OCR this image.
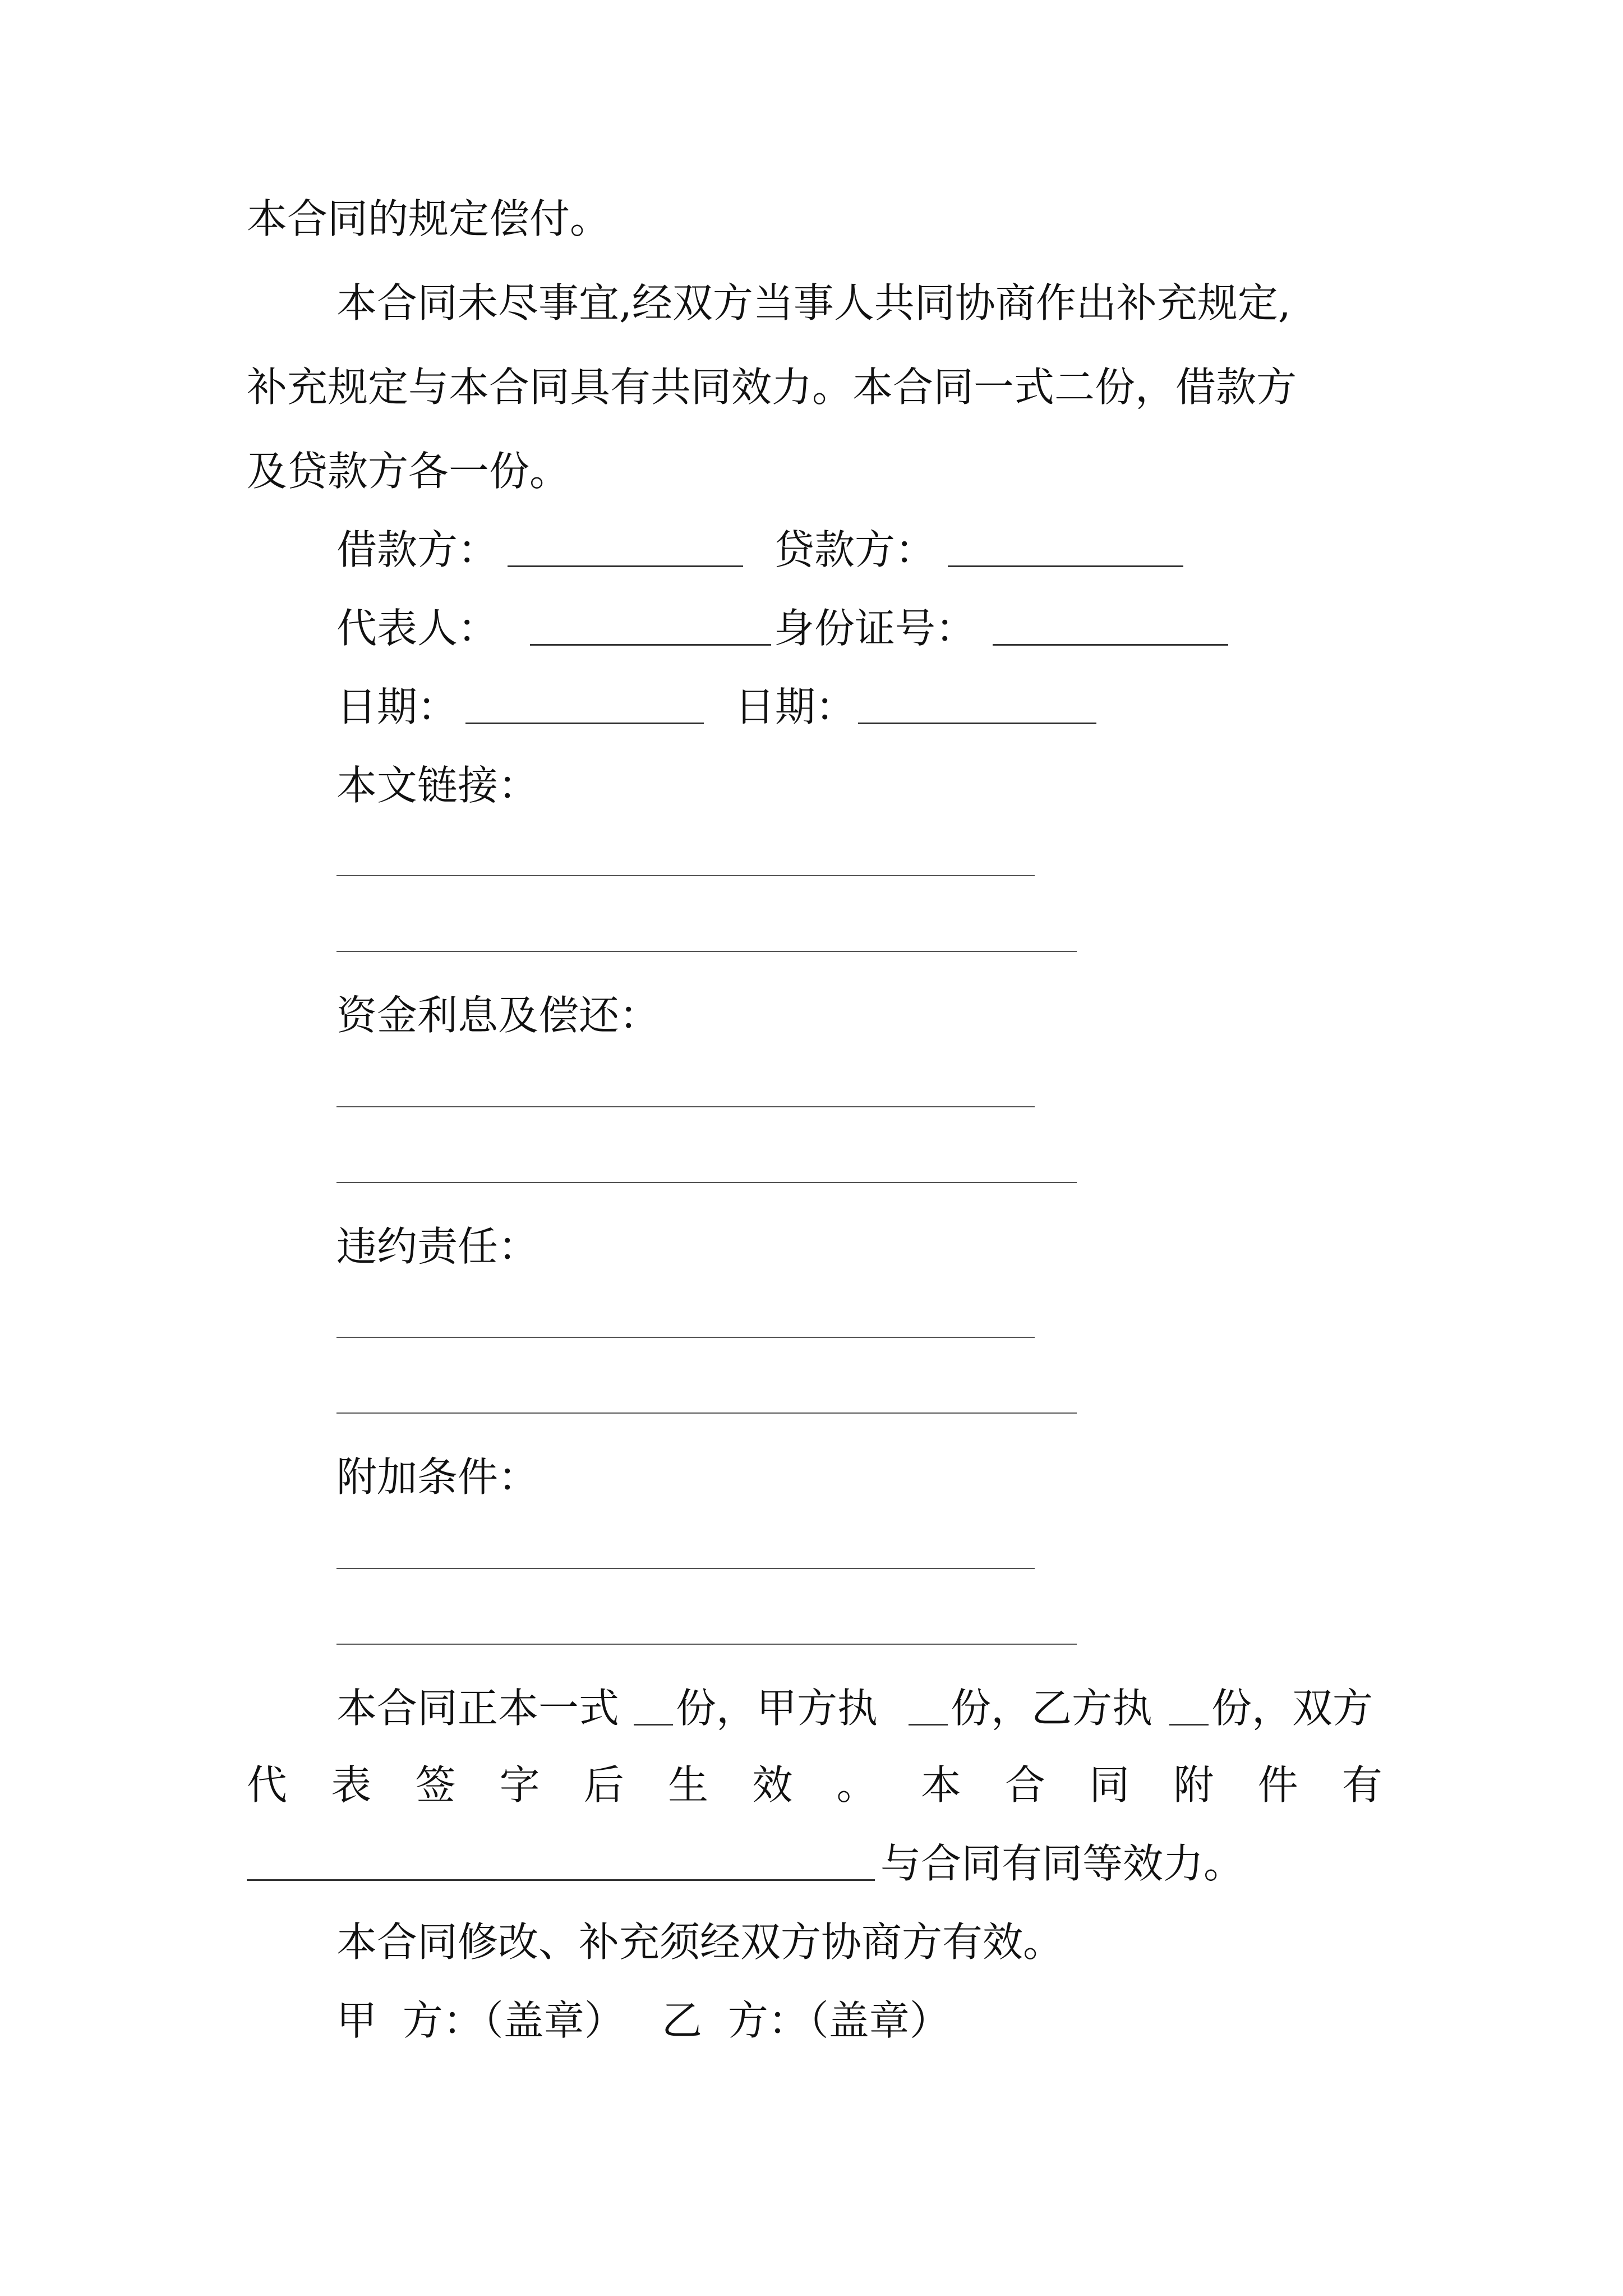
本合同的规定偿付。
本合同未尽事宜,经双方当事人共同协商作出补充规定,
补充规定与本合同具有共同效力。本合同一式二份，借款方
及贷款方各一份。
借款方：	贷款方：
代表人：	身份证号：
日期：	日期：
本文链接：
资金利息及偿还：
违约责任：
附加条件：
本合同正本一式 份，甲方执 份，乙方执 份，双方
代 表 签 字 后 生 效 。 本 合 同 附 件 有
与合同有同等效力。
本合同修改、补充须经双方协商方有效。
甲  方：（盖章） 乙  方：（盖章）
